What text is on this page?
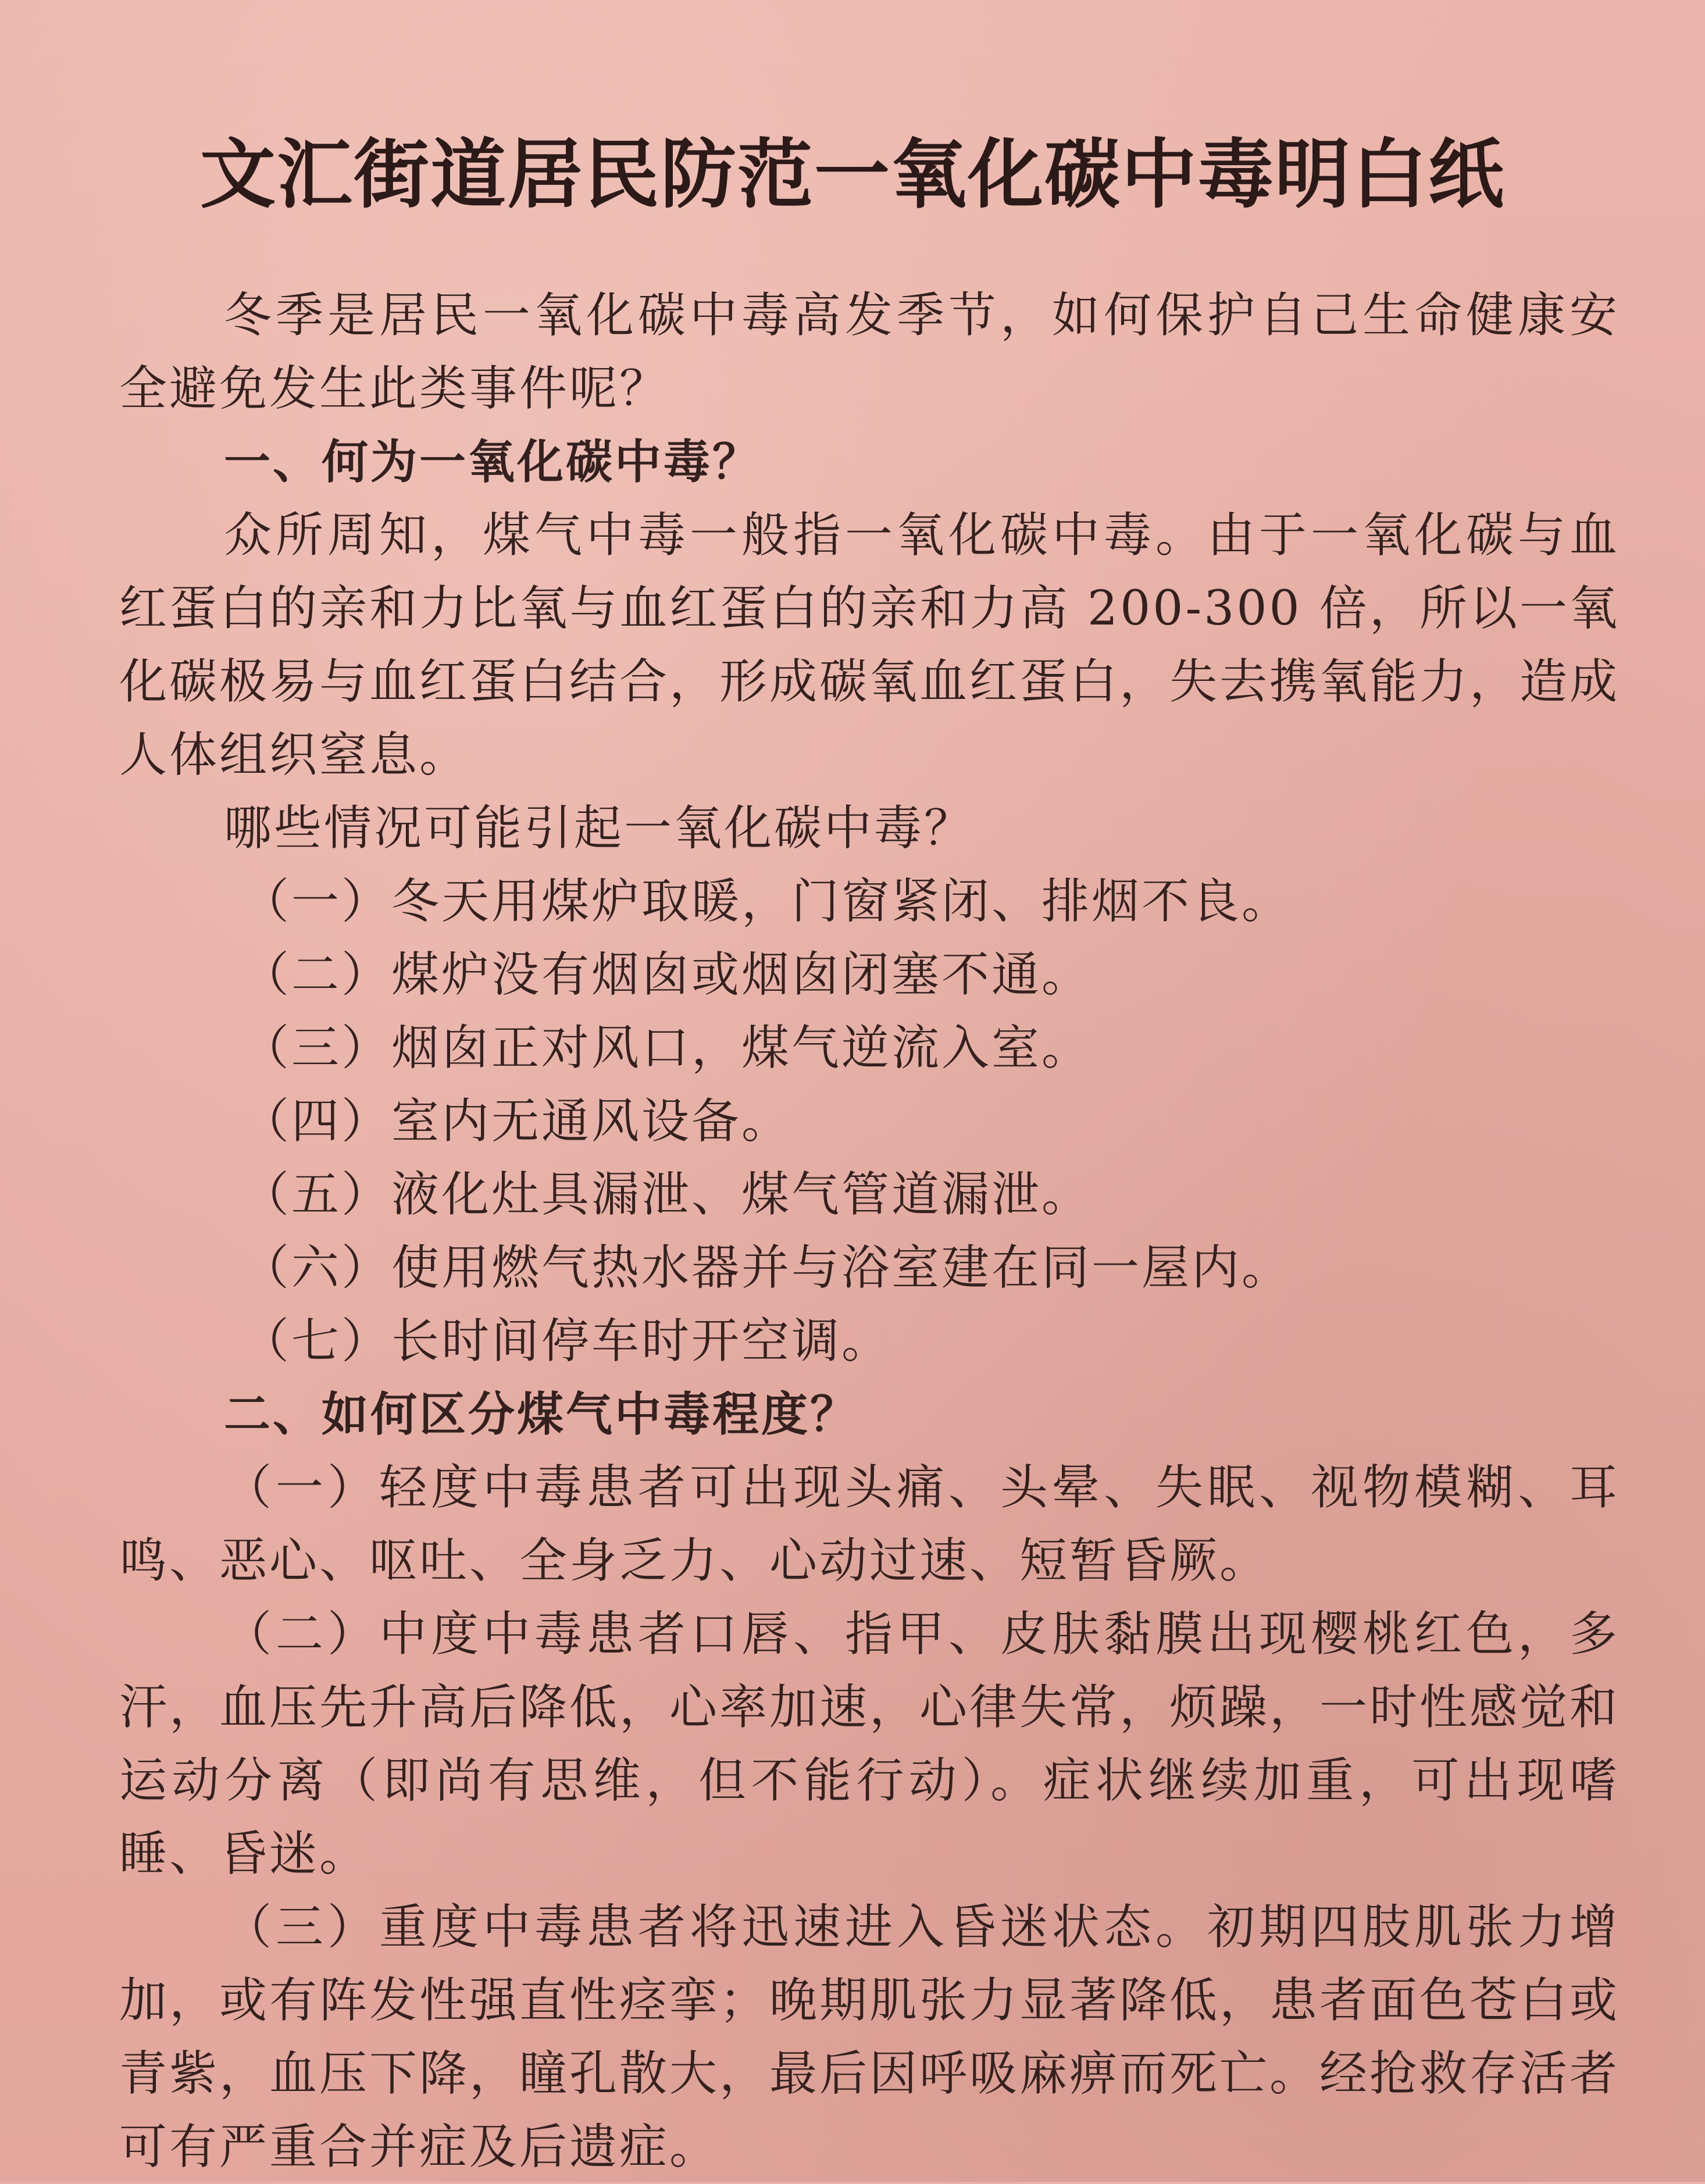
文汇街道居民防范一氧化碳中毒明白纸

冬季是居民一氧化碳中毒高发季节，如何保护自己生命健康安全避免发生此类事件呢？

一、何为一氧化碳中毒？

众所周知，煤气中毒一般指一氧化碳中毒。由于一氧化碳与血红蛋白的亲和力比氧与血红蛋白的亲和力高 200-300 倍，所以一氧化碳极易与血红蛋白结合，形成碳氧血红蛋白，失去携氧能力，造成人体组织窒息。

哪些情况可能引起一氧化碳中毒？

（一）冬天用煤炉取暖，门窗紧闭、排烟不良。

（二）煤炉没有烟囱或烟囱闭塞不通。

（三）烟囱正对风口，煤气逆流入室。

（四）室内无通风设备。

（五）液化灶具漏泄、煤气管道漏泄。

（六）使用燃气热水器并与浴室建在同一屋内。

（七）长时间停车时开空调。

二、如何区分煤气中毒程度？

（一）轻度中毒患者可出现头痛、头晕、失眠、视物模糊、耳鸣、恶心、呕吐、全身乏力、心动过速、短暂昏厥。

（二）中度中毒患者口唇、指甲、皮肤黏膜出现樱桃红色，多汗，血压先升高后降低，心率加速，心律失常，烦躁，一时性感觉和运动分离（即尚有思维，但不能行动）。症状继续加重，可出现嗜睡、昏迷。

（三）重度中毒患者将迅速进入昏迷状态。初期四肢肌张力增加，或有阵发性强直性痉挛；晚期肌张力显著降低，患者面色苍白或青紫，血压下降，瞳孔散大，最后因呼吸麻痹而死亡。经抢救存活者可有严重合并症及后遗症。
